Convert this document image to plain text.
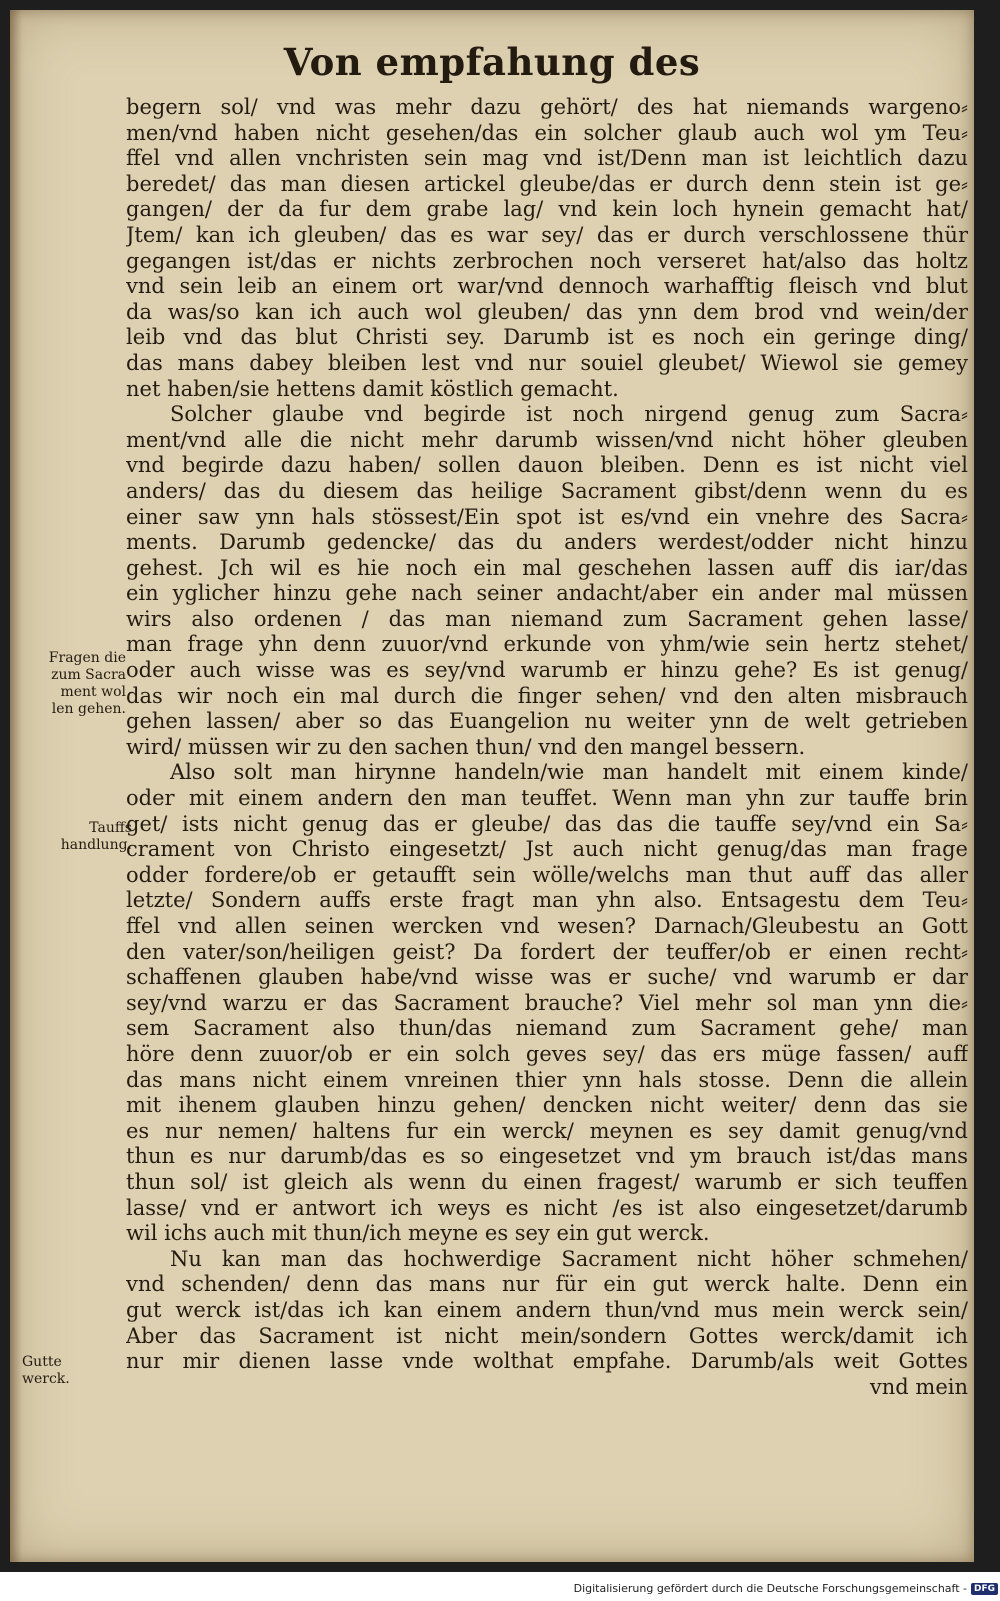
Von empfahung des
begern sol/ vnd was mehr dazu gehört/ des hat niemands wargeno⸗
men/vnd haben nicht gesehen/das ein solcher glaub auch wol ym Teu⸗
ffel vnd allen vnchristen sein mag vnd ist/Denn man ist leichtlich dazu
beredet/ das man diesen artickel gleube/das er durch denn stein ist ge⸗
gangen/ der da fur dem grabe lag/ vnd kein loch hynein gemacht hat/
Jtem/ kan ich gleuben/ das es war sey/ das er durch verschlossene thür
gegangen ist/das er nichts zerbrochen noch verseret hat/also das holtz
vnd sein leib an einem ort war/vnd dennoch warhafftig fleisch vnd blut
da was/so kan ich auch wol gleuben/ das ynn dem brod vnd wein/der
leib vnd das blut Christi sey. Darumb ist es noch ein geringe ding/
das mans dabey bleiben lest vnd nur souiel gleubet/ Wiewol sie gemey
net haben/sie hettens damit köstlich gemacht.
Solcher glaube vnd begirde ist noch nirgend genug zum Sacra⸗
ment/vnd alle die nicht mehr darumb wissen/vnd nicht höher gleuben
vnd begirde dazu haben/ sollen dauon bleiben. Denn es ist nicht viel
anders/ das du diesem das heilige Sacrament gibst/denn wenn du es
einer saw ynn hals stössest/Ein spot ist es/vnd ein vnehre des Sacra⸗
ments. Darumb gedencke/ das du anders werdest/odder nicht hinzu
gehest. Jch wil es hie noch ein mal geschehen lassen auff dis iar/das
ein yglicher hinzu gehe nach seiner andacht/aber ein ander mal müssen
wirs also ordenen / das man niemand zum Sacrament gehen lasse/
man frage yhn denn zuuor/vnd erkunde von yhm/wie sein hertz stehet/
oder auch wisse was es sey/vnd warumb er hinzu gehe? Es ist genug/
das wir noch ein mal durch die finger sehen/ vnd den alten misbrauch
gehen lassen/ aber so das Euangelion nu weiter ynn de welt getrieben
wird/ müssen wir zu den sachen thun/ vnd den mangel bessern.
Also solt man hirynne handeln/wie man handelt mit einem kinde/
oder mit einem andern den man teuffet. Wenn man yhn zur tauffe brin
get/ ists nicht genug das er gleube/ das das die tauffe sey/vnd ein Sa⸗
crament von Christo eingesetzt/ Jst auch nicht genug/das man frage
odder fordere/ob er getaufft sein wölle/welchs man thut auff das aller
letzte/ Sondern auffs erste fragt man yhn also. Entsagestu dem Teu⸗
ffel vnd allen seinen wercken vnd wesen? Darnach/Gleubestu an Gott
den vater/son/heiligen geist? Da fordert der teuffer/ob er einen recht⸗
schaffenen glauben habe/vnd wisse was er suche/ vnd warumb er dar
sey/vnd warzu er das Sacrament brauche? Viel mehr sol man ynn die⸗
sem Sacrament also thun/das niemand zum Sacrament gehe/ man
höre denn zuuor/ob er ein solch geves sey/ das ers müge fassen/ auff
das mans nicht einem vnreinen thier ynn hals stosse. Denn die allein
mit ihenem glauben hinzu gehen/ dencken nicht weiter/ denn das sie
es nur nemen/ haltens fur ein werck/ meynen es sey damit genug/vnd
thun es nur darumb/das es so eingesetzet vnd ym brauch ist/das mans
thun sol/ ist gleich als wenn du einen fragest/ warumb er sich teuffen
lasse/ vnd er antwort ich weys es nicht /es ist also eingesetzet/darumb
wil ichs auch mit thun/ich meyne es sey ein gut werck.
Nu kan man das hochwerdige Sacrament nicht höher schmehen/
vnd schenden/ denn das mans nur für ein gut werck halte. Denn ein
gut werck ist/das ich kan einem andern thun/vnd mus mein werck sein/
Aber das Sacrament ist nicht mein/sondern Gottes werck/damit ich
nur mir dienen lasse vnde wolthat empfahe. Darumb/als weit Gottes
vnd mein
Fragen die
zum Sacra
ment wol
len gehen.
Tauffs
handlung.
Gutte
werck.
Digitalisierung gefördert durch die Deutsche Forschungsgemeinschaft - DFG
